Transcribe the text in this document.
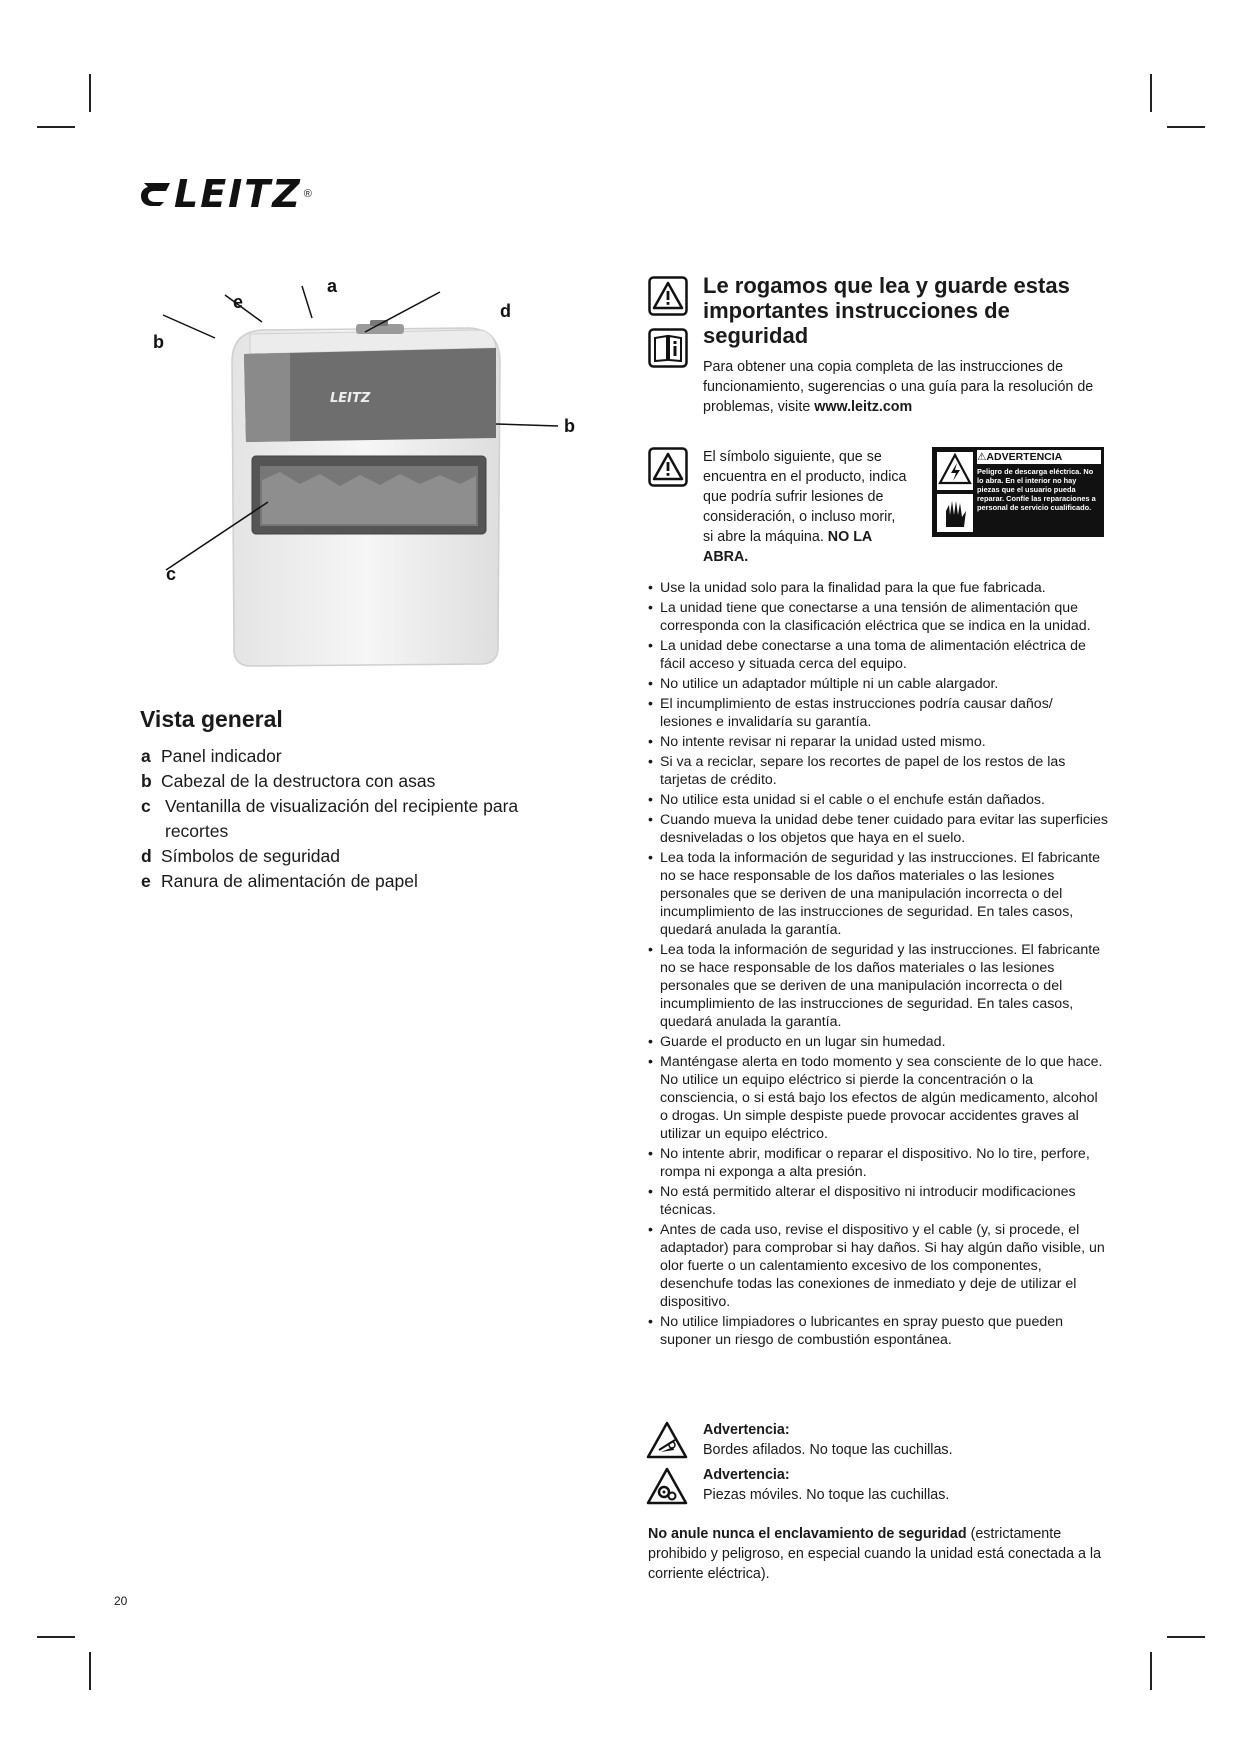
LEITZ ®
LEITZ
b
e
a
d
b
c
Vista general
a Panel indicador
b Cabezal de la destructora con asas
c Ventanilla de visualización del recipiente para recortes
d Símbolos de seguridad
e Ranura de alimentación de papel
Le rogamos que lea y guarde estas importantes instrucciones de seguridad

Para obtener una copia completa de las instrucciones de funcionamiento, sugerencias o una guía para la resolución de problemas, visite www.leitz.com

El símbolo siguiente, que se encuentra en el producto, indica que podría sufrir lesiones de consideración, o incluso morir, si abre la máquina. NO LA ABRA.

⚠ADVERTENCIA

Peligro de descarga eléctrica. No lo abra. En el interior no hay piezas que el usuario pueda reparar. Confíe las reparaciones a personal de servicio cualificado.

• Use la unidad solo para la finalidad para la que fue fabricada.
• La unidad tiene que conectarse a una tensión de alimentación que corresponda con la clasificación eléctrica que se indica en la unidad.
• La unidad debe conectarse a una toma de alimentación eléctrica de fácil acceso y situada cerca del equipo.
• No utilice un adaptador múltiple ni un cable alargador.
• El incumplimiento de estas instrucciones podría causar daños/ lesiones e invalidaría su garantía.
• No intente revisar ni reparar la unidad usted mismo.
• Si va a reciclar, separe los recortes de papel de los restos de las tarjetas de crédito.
• No utilice esta unidad si el cable o el enchufe están dañados.
• Cuando mueva la unidad debe tener cuidado para evitar las superficies desniveladas o los objetos que haya en el suelo.
• Lea toda la información de seguridad y las instrucciones. El fabricante no se hace responsable de los daños materiales o las lesiones personales que se deriven de una manipulación incorrecta o del incumplimiento de las instrucciones de seguridad. En tales casos, quedará anulada la garantía.
• Lea toda la información de seguridad y las instrucciones. El fabricante no se hace responsable de los daños materiales o las lesiones personales que se deriven de una manipulación incorrecta o del incumplimiento de las instrucciones de seguridad. En tales casos, quedará anulada la garantía.
• Guarde el producto en un lugar sin humedad.
• Manténgase alerta en todo momento y sea consciente de lo que hace. No utilice un equipo eléctrico si pierde la concentración o la consciencia, o si está bajo los efectos de algún medicamento, alcohol o drogas. Un simple despiste puede provocar accidentes graves al utilizar un equipo eléctrico.
• No intente abrir, modificar o reparar el dispositivo. No lo tire, perfore, rompa ni exponga a alta presión.
• No está permitido alterar el dispositivo ni introducir modificaciones técnicas.
• Antes de cada uso, revise el dispositivo y el cable (y, si procede, el adaptador) para comprobar si hay daños. Si hay algún daño visible, un olor fuerte o un calentamiento excesivo de los componentes, desenchufe todas las conexiones de inmediato y deje de utilizar el dispositivo.
• No utilice limpiadores o lubricantes en spray puesto que pueden suponer un riesgo de combustión espontánea.
Advertencia:
Bordes afilados. No toque las cuchillas.
Advertencia:
Piezas móviles. No toque las cuchillas.

No anule nunca el enclavamiento de seguridad (estrictamente prohibido y peligroso, en especial cuando la unidad está conectada a la corriente eléctrica).

20
